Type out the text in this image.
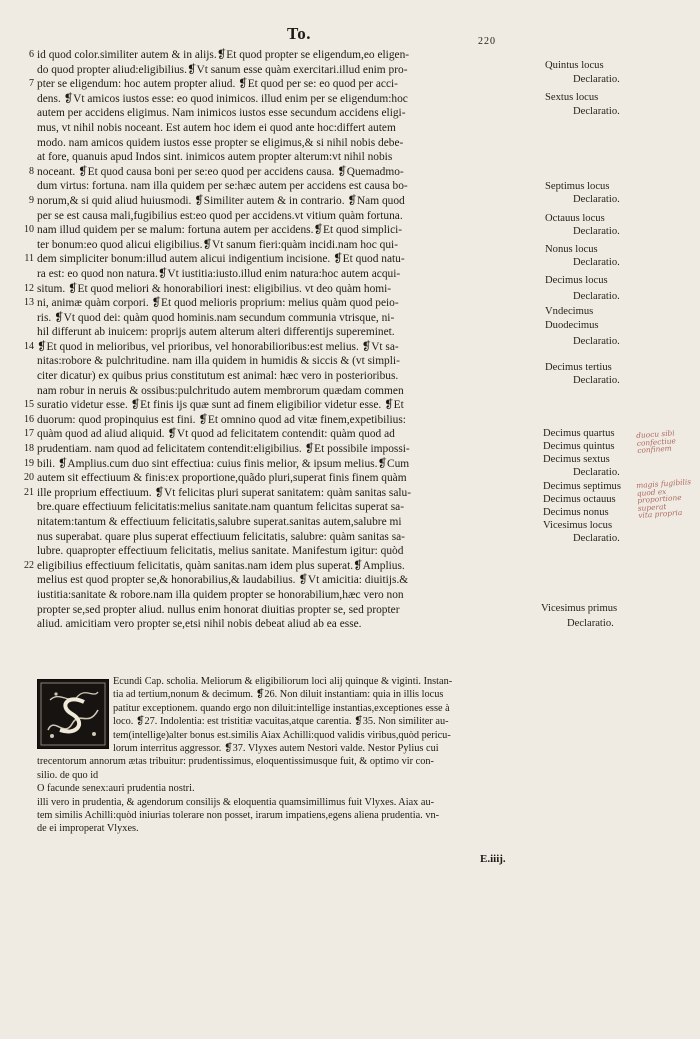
To.	220
6 id quod color.similiter autem & in alijs.❡Et quod propter se eligendum,eo eligen-
do quod propter aliud:eligibilius.❡Vt sanum esse quàm exercitari.illud enim pro-
7 pter se eligendum: hoc autem propter aliud. ❡Et quod per se: eo quod per acci-
dens. ❡Vt amicos iustos esse: eo quod inimicos. illud enim per se eligendum:hoc
autem per accidens eligimus. Nam inimicos iustos esse secundum accidens eligi-
mus, vt nihil nobis noceant. Est autem hoc idem ei quod ante hoc:differt autem
modo. nam amicos quidem iustos esse propter se eligimus,& si nihil nobis debe-
at fore, quanuis apud Indos sint. inimicos autem propter alterum:vt nihil nobis
8 noceant. ❡Et quod causa boni per se:eo quod per accidens causa. ❡Quemadmo-
dum virtus: fortuna. nam illa quidem per se:hæc autem per accidens est causa bo-
9 norum,& si quid aliud huiusmodi. ❡Similiter autem & in contrario. ❡Nam quod
per se est causa mali,fugibilius est:eo quod per accidens.vt vitium quàm fortuna.
10 nam illud quidem per se malum: fortuna autem per accidens.❡Et quod simplici-
ter bonum:eo quod alicui eligibilius.❡Vt sanum fieri:quàm incidi.nam hoc qui-
11 dem simpliciter bonum:illud autem alicui indigentium incisione. ❡Et quod natu-
ra est: eo quod non natura.❡Vt iustitia:iusto.illud enim natura:hoc autem acqui-
12 situm. ❡Et quod meliori & honorabiliori inest: eligibilius. vt deo quàm homi-
13 ni, animæ quàm corpori. ❡Et quod melioris proprium: melius quàm quod peio-
ris. ❡Vt quod dei: quàm quod hominis.nam secundum communia vtrisque, ni-
hil differunt ab inuicem: proprijs autem alterum alteri differentijs supereminet.
14 ❡Et quod in melioribus, vel prioribus, vel honorabilioribus:est melius. ❡Vt sa-
nitas:robore & pulchritudine. nam illa quidem in humidis & siccis & (vt simpli-
citer dicatur) ex quibus prius constitutum est animal: hæc vero in posterioribus.
nam robur in neruis & ossibus:pulchritudo autem membrorum quædam commen
15 suratio videtur esse. ❡Et finis ijs quæ sunt ad finem eligibilior videtur esse. ❡Et
16 duorum: quod propinquius est fini. ❡Et omnino quod ad vitæ finem,expetibilius:
17 quàm quod ad aliud aliquid. ❡Vt quod ad felicitatem contendit: quàm quod ad
18 prudentiam. nam quod ad felicitatem contendit:eligibilius. ❡Et possibile impossi-
19 bili. ❡Amplius.cum duo sint effectiua: cuius finis melior, & ipsum melius.❡Cum
20 autem sit effectiuum & finis:ex proportione,quãdo pluri,superat finis finem quàm
21 ille proprium effectiuum. ❡Vt felicitas pluri superat sanitatem: quàm sanitas salu-
bre.quare effectiuum felicitatis:melius sanitate.nam quantum felicitas superat sa-
nitatem:tantum & effectiuum felicitatis,salubre superat.sanitas autem,salubre mi
nus superabat. quare plus superat effectiuum felicitatis, salubre: quàm sanitas sa-
lubre. quapropter effectiuum felicitatis, melius sanitate. Manifestum igitur: quòd
22 eligibilius effectiuum felicitatis, quàm sanitas.nam idem plus superat.❡Amplius.
melius est quod propter se,& honorabilius,& laudabilius. ❡Vt amicitia: diuitijs.&
iustitia:sanitate & robore.nam illa quidem propter se honorabilium,hæc vero non
propter se,sed propter aliud. nullus enim honorat diuitias propter se, sed propter
aliud. amicitiam vero propter se,etsi nihil nobis debeat aliud ab ea esse.
Quintus locus
Declaratio.
Sextus locus
Declaratio.
Septimus locus
Declaratio.
Octauus locus
Declaratio.
Nonus locus
Declaratio.
Decimus locus
Declaratio.
Vndecimus
Duodecimus
Declaratio.
Decimus tertius
Declaratio.
Decimus quartus
Decimus quintus
Decimus sextus
Declaratio.
Decimus septimus
Decimus octauus
Decimus nonus
Vicesimus locus
Declaratio.
Vicesimus primus
Declaratio.
duocu sibi
confectiue
confinem
magis fugibilis
quod ex
proportione
superat
vita propria
Ecundi Cap. scholia. Meliorum & eligibiliorum loci alij quinque & viginti. Instan-
tia ad tertium,nonum & decimum. ❡26. Non diluit instantiam: quia in illis locus
patitur exceptionem. quando ergo non diluit:intellige instantias,exceptiones esse à
loco. ❡27. Indolentia: est tristitiæ vacuitas,atque carentia. ❡35. Non similiter au-
tem(intellige)alter bonus est.similis Aiax Achilli:quod validis viribus,quòd pericu-
lorum interritus aggressor. ❡37. Vlyxes autem Nestori valde. Nestor Pylius cui
trecentorum annorum ætas tribuitur: prudentissimus, eloquentissimusque fuit, & optimo vir con-
silio. de quo id
O facunde senex:auri prudentia nostri.
illi vero in prudentia, & agendorum consilijs & eloquentia quamsimillimus fuit Vlyxes. Aiax au-
tem similis Achilli:quòd iniurias tolerare non posset, irarum impatiens,egens aliena prudentia. vn-
de ei improperat Vlyxes.
E.iiij.
